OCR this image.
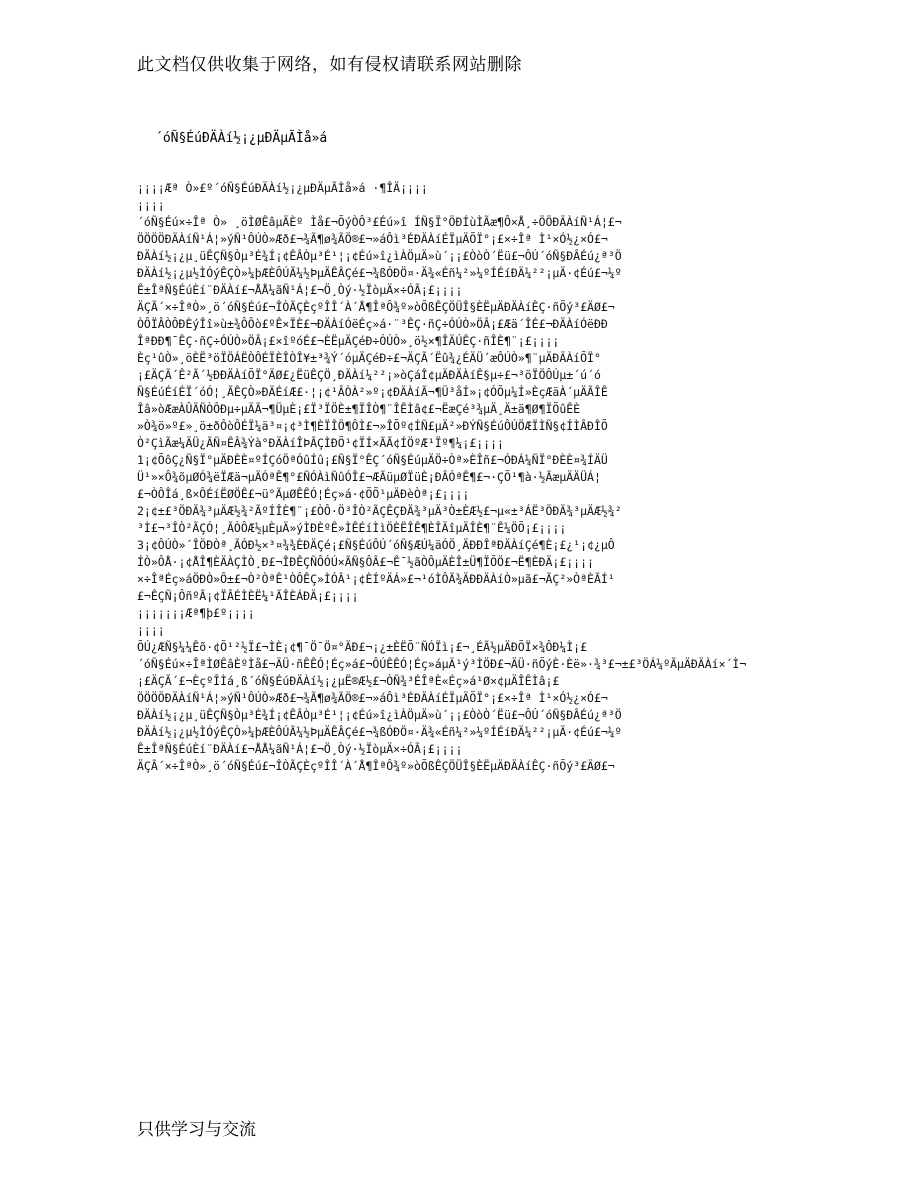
此文档仅供收集于网络，如有侵权请联系网站删除
´óÑ§ÉúÐÄÀí½¡¿µÐÄµÃÌå»á
¡¡¡¡Æª Ò»£º´óÑ§ÉúÐÄÀí½¡¿µÐÄµÃÌå»á ·¶ÎÄ¡¡¡¡
¡¡¡¡
´óÑ§Éú×÷Îª Ò» ¸öÌØÊâµÄÈº Ìå£¬ÕýÒÔ³£Éú»î ÍÑ§Ï°ÖÐÍùÌÃæ¶Ô×Å¸÷ÖÖÐÄÀíÑ¹Á¦£¬
ÖÖÖÖÐÄÀíÑ¹Á¦»ýÑ¹ÔÚÒ»Æð£¬¾Ã¶ø¾ÃÖ®£¬»áÔì³ÉÐÄÀíÉÏµÄÕÏ°¡£×÷Îª Ì¹×Ó½¿×Ó£¬
ÐÄÀí½¡¿µ¸üÊÇÑ§Òµ³É¾Í¡¢ÊÂÒµ³É¹¦¡¢Éú»î¿ìÀÖµÄ»ù´¡¡£ÒòÒ´Ëü£¬ÔÚ´óÑ§ÐÂÉú¿ª³Ö
ÐÄÀí½¡¿µ½ÌÓýÊÇÒ»¼þÆÈÔÚÃ¼½ÞµÄÊÂÇé£¬¾ßÓÐÖ¤·Ä¾«Éñ¼²»¼ºÍÉíÐÄ¼²²¡µÄ·¢Éú£¬¼º
Ê±ÎªÑ§ÉúÈí¨ÐÄÀí£¬ÅÅ¼ãÑ¹Á¦£¬Ö¸Òý·½ÏòµÄ×÷ÓÃ¡£¡¡¡¡
ÄÇÃ´×÷ÎªÒ»¸ö´óÑ§Éú£¬ÎÒÃÇÈçºÎÎ´À´Å¶ÎªÔ¾º»òÕßÊÇÖÜÎ§ÈËµÄÐÄÀíÊÇ·ñÕý³£ÄØ£¬
ÒÔÏÂÒÔÐÈýÎî»ù±¾ÔÔò£ºÊ×ÏÈ£¬ÐÄÀíÓëÉç»á·¨³ÊÇ·ñÇ÷ÓÚÒ»ÖÂ¡£Æä´ÎÉ£¬ÐÄÀíÓëÐÐ
ÎªÐÐ¶¯ÊÇ·ñÇ÷ÓÚÒ»ÖÂ¡£×îºóÉ£¬ÈËµÄÇéÐ÷ÓÚÒ»¸ö½×¶ÎÄÚÊÇ·ñÎÈ¶¨¡£¡¡¡¡
Èç¹ûÒ»¸öÈË³öÏÖÁËÒÔÉÏÈÎÒÎ¥±³¾Ý´óµÄÇéÐ÷£¬ÄÇÃ´Ëû¾¿ÉÄÜ´æÔÚÒ»¶¨µÄÐÄÀíÕÏ°
¡£ÄÇÃ´Ê²Ã´½ÐÐÄÀíÕÏ°ÄØ£¿ËüÊÇÖ¸ÐÄÀí¼²²¡»òÇáÎ¢µÄÐÄÀíÊ§µ÷£¬³öÏÖÔÚµ±´ú´ó
Ñ§ÉúÉíÉÏ´óÓ¦¸ÃÊÇÒ»ÐÄÉíÆ£·¦¡¢¹ÂÒÀ²»º¡¢ÐÄÀíÃ¬¶Ü³åÍ»¡¢ÓÕµ¼Í»ÈçÆäÀ´µÄÃÎÊ
Îâ»òÆæÀÛÄÑÒÔÐµ÷µÄÃ¬¶ÜµÈ¡£Ï³ÏÖÈ±¶ÏÎÒ¶¨ÎÊÌâ¢£¬ËæÇé³¾µÄ¸Ä±ä¶Ø¶ÏÕûÊÈ
»Ò¾ö»º£»¸ö±ðÔòÔÉÏ¼ä³¤¡¢³Ì¶ÈÏÎÖ¶ÔÌ£¬»ÎÕº¢ÍÑ£µÄ²»ÐÝÑ§ÉúÔÚÖÆÏÌÑ§¢ÍÌÂÐÎÕ
Ò²ÇìÃæ¼ÄÜ¿ÃÑ¤ÊÂ¾Ýà°ÐÄÀíÎÞÂÇÌÐÕ¹¢ÏÍ×ÃÃ¢ÍÖºÆ¹Ïº¶¼¡£¡¡¡¡
1¡¢ÕôÇ¿Ñ§Ï°µÄÐÈÈ¤ºÍÇóÖªÓûÍû¡£Ñ§Ï°ÊÇ´óÑ§ÉúµÄÖ÷Òª»ÈÎñ£¬ÓÐÁ¼ÑÏ°ÐÈÈ¤¾ÍÄÜ
Ü¹»×Ô¾õµØÓ¾ëÏÆä¬µÄÓªÊ¶°£ÑÓÀìÑûÓÎ£¬ÆÃüµØÏüÈ¡ÐÂÓªÊ¶£¬·ÇÕ¹¶à·½ÃæµÄÄÜÁ¦
£¬ÒÔÎá¸ß×ÔÉíËØÖÊ£¬ü°ÃµØÊÊÓ¦Éç»á·¢ÕÕ¹µÄÐèÒª¡£¡¡¡¡
2¡¢±£³ÖÐÄ¾³µÄÆ½¾²ÃºÍÎÈ¶¨¡£ÒÔ·Ö³ÎÒ²ÃÇÊÇÐÄ¾³µÄ³Ò±ÈÆ½£¬µ«±³ÁË³ÖÐÄ¾³µÄÆ½¾²
³Ì£¬³ÎÒ²ÃÇÓ¦¸ÃÒÔÆ½µÈµÄ»ýÌÐÈºÊ»ÌÊÉíÌìÖÈËÎÊ¶ÈÎÄîµÄÎÈ¶¨Ê¼ÖÕ¡£¡¡¡¡
3¡¢ÔÚÒ»´ÎÖÐÒª¸ÃÓÐ½×³¤¾¾ÈÐÄÇé¡£Ñ§ÉúÔÚ´óÑ§ÆÚ¼äÓÖ¸ÄÐÐÎªÐÄÀíÇé¶È¡£¿¹¡¢¿µÔ
ÍÒ»ÔÅ·¡¢ÅÎ¶ÈÄÀÇÌÒ¸Ð£¬ÎÐÊÇÑÔÓÚ×ÃÑ§ÔÂ£¬Ê¯½ãÒÔµÄÈÎ±Ü¶ÏÕÖ£¬Ë¶ÈÐÄ¡£¡¡¡¡
×÷ÎªÉç»áÖÐÒ»Ô±£¬Ò²ÒªÊ¹ÒÔÊÇ»ÌÓÂ¹¡¢ÈÍºÄÁ»£¬¹óÌÔÃ¾ÄÐÐÄÀíÒ»µã£¬ÃÇ²»ÒªÈÃÍ¹
£¬ÊÇÑ¡ÔñºÃ¡¢ÏÂÉÌÈË¼¹ÃÎÈÁÐÄ¡£¡¡¡¡
¡¡¡¡¡¡¡Æª¶þ£º¡¡¡¡
¡¡¡¡
ÕÚ¿ÆÑ§¼¼Êõ·¢Õ¹²½Ï£¬ÌÈ¡¢¶¯Ö¯Ö¤°ÄÐ£¬¡¿±ÈËÕ¨ÑÓÏì¡£¬¸ÉÃ½µÄÐÕÏ×¾ÔÐ¼Ì¡£
´óÑ§Éú×÷ÎªÌØÊâÈºÌå£¬ÄÜ·ñÊÊÓ¦Éç»á£¬ÔÚÊÊÓ¦Éç»áµÄ¹ý³ÌÖÐ£¬ÄÜ·ñÕýÈ·Èë»·¾³£¬±£³ÖÁ¼ºÃµÄÐÄÀí×´Ì¬
¡£ÄÇÃ´£¬ÈçºÎÌá¸ß´óÑ§ÉúÐÄÀí½¡¿µË®Æ½£¬ÒÑ¾³ÉÎªÈ«Éç»á¹Ø×¢µÄÎÊÌâ¡£
ÖÖÖÖÐÄÀíÑ¹Á¦»ýÑ¹ÔÚÒ»Æð£¬¾Ã¶ø¾ÃÖ®£¬»áÔì³ÉÐÄÀíÉÏµÄÕÏ°¡£×÷Îª Ì¹×Ó½¿×Ó£¬
ÐÄÀí½¡¿µ¸üÊÇÑ§Òµ³É¾Í¡¢ÊÂÒµ³É¹¦¡¢Éú»î¿ìÀÖµÄ»ù´¡¡£ÒòÒ´Ëü£¬ÔÚ´óÑ§ÐÂÉú¿ª³Ö
ÐÄÀí½¡¿µ½ÌÓýÊÇÒ»¼þÆÈÔÚÃ¼½ÞµÄÊÂÇé£¬¾ßÓÐÖ¤·Ä¾«Éñ¼²»¼ºÍÉíÐÄ¼²²¡µÄ·¢Éú£¬¼º
Ê±ÎªÑ§ÉúÈí¨ÐÄÀí£¬ÅÅ¼ãÑ¹Á¦£¬Ö¸Òý·½ÏòµÄ×÷ÓÃ¡£¡¡¡¡
ÄÇÃ´×÷ÎªÒ»¸ö´óÑ§Éú£¬ÎÒÃÇÈçºÎÎ´À´Å¶ÎªÔ¾º»òÕßÊÇÖÜÎ§ÈËµÄÐÄÀíÊÇ·ñÕý³£ÄØ£¬
只供学习与交流
